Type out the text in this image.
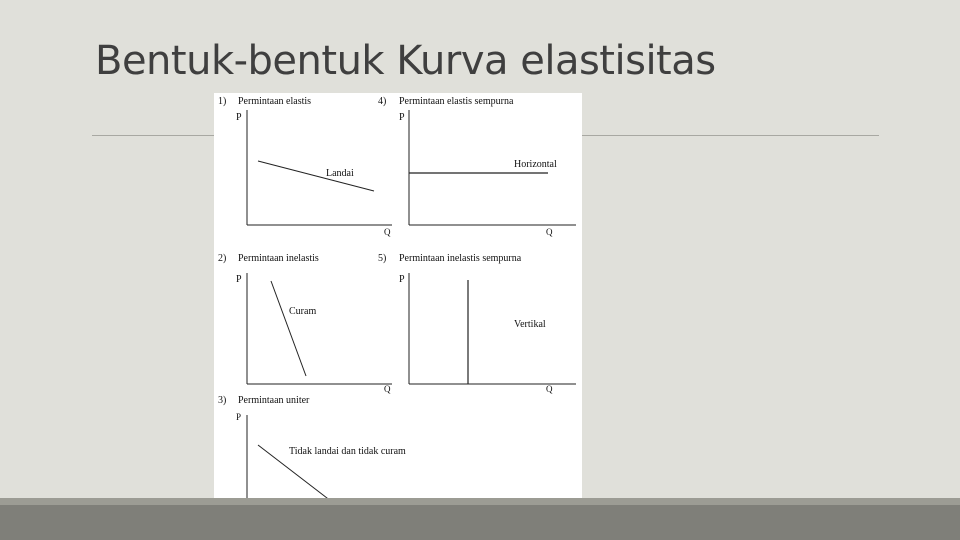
Bentuk-bentuk Kurva elastisitas
1) Permintaan elastis
P
Q
Landai
4) Permintaan elastis sempurna
P
Q
Horizontal
2) Permintaan inelastis
P
Q
Curam
5) Permintaan inelastis sempurna
P
Q
Vertikal
3) Permintaan uniter
P
Tidak landai dan tidak curam
